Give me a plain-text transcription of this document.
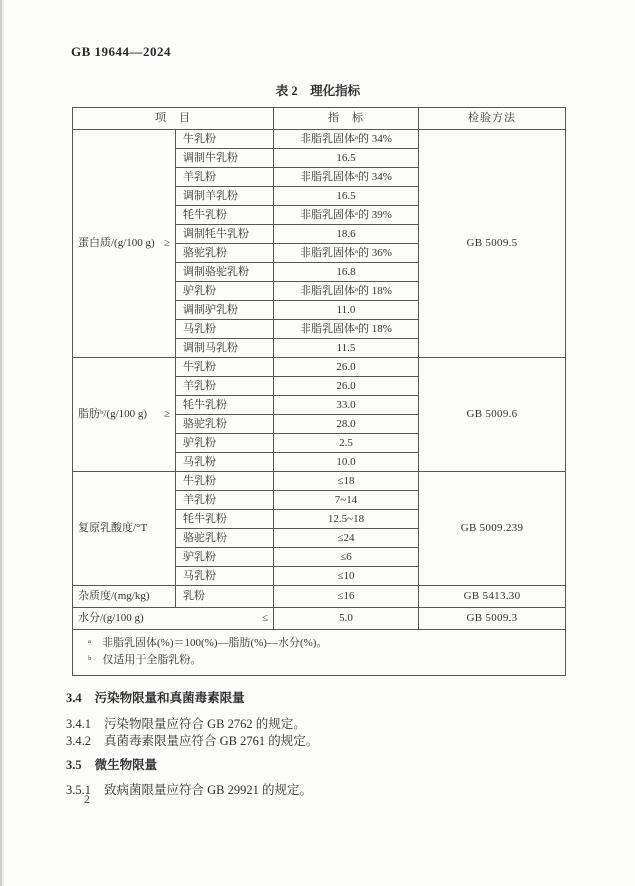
GB 19644—2024
表 2　理化指标
项　目		指　标	检验方法

蛋白质/(g/100 g) ≥	牛乳粉	非脂乳固体ᵃ的 34%	GB 5009.5
	调制牛乳粉	16.5	
	羊乳粉	非脂乳固体ᵃ的 34%	
	调制羊乳粉	16.5	
	牦牛乳粉	非脂乳固体ᵃ的 39%	
	调制牦牛乳粉	18.6	
	骆驼乳粉	非脂乳固体ᵃ的 36%	
	调制骆驼乳粉	16.8	
	驴乳粉	非脂乳固体ᵃ的 18%	
	调制驴乳粉	11.0	
	马乳粉	非脂乳固体ᵃ的 18%	
	调制马乳粉	11.5	

脂肪ᵇ/(g/100 g) ≥	牛乳粉	26.0	GB 5009.6
	羊乳粉	26.0	
	牦牛乳粉	33.0	
	骆驼乳粉	28.0	
	驴乳粉	2.5	
	马乳粉	10.0	

复原乳酸度/°T	牛乳粉	≤18	GB 5009.239
	羊乳粉	7~14	
	牦牛乳粉	12.5~18	
	骆驼乳粉	≤24	
	驴乳粉	≤6	
	马乳粉	≤10	
杂质度/(mg/kg)	乳粉	≤16	GB 5413.30

水分/(g/100 g) ≤		5.0	GB 5009.3

ᵃ　非脂乳固体(%)＝100(%)—脂肪(%)—水分(%)。
ᵇ　仅适用于全脂乳粉。			
3.4 污染物限量和真菌毒素限量
3.4.1 污染物限量应符合 GB 2762 的规定。
3.4.2 真菌毒素限量应符合 GB 2761 的规定。
3.5 微生物限量
3.5.1 致病菌限量应符合 GB 29921 的规定。
2
